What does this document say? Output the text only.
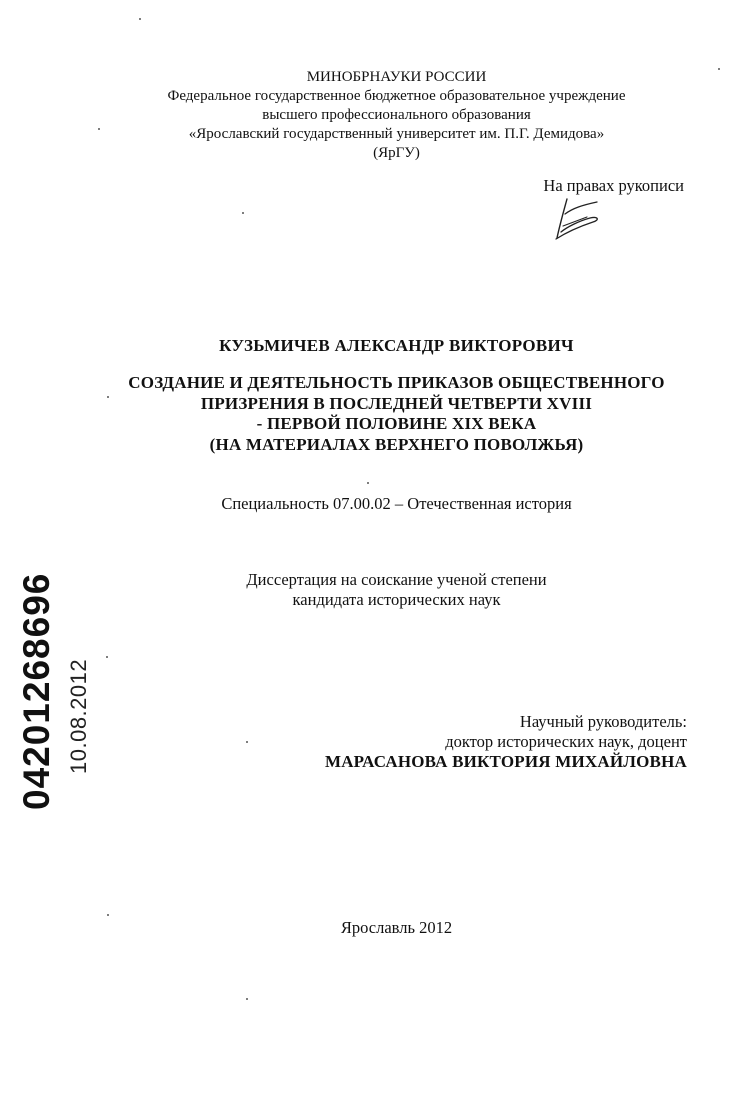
МИНОБРНАУКИ РОССИИ
Федеральное государственное бюджетное образовательное учреждение
высшего профессионального образования
«Ярославский государственный университет им. П.Г. Демидова»
(ЯрГУ)
На правах рукописи
КУЗЬМИЧЕВ АЛЕКСАНДР ВИКТОРОВИЧ
СОЗДАНИЕ И ДЕЯТЕЛЬНОСТЬ ПРИКАЗОВ ОБЩЕСТВЕННОГО
ПРИЗРЕНИЯ В ПОСЛЕДНЕЙ ЧЕТВЕРТИ XVIII
- ПЕРВОЙ ПОЛОВИНЕ XIX ВЕКА
(НА МАТЕРИАЛАХ ВЕРХНЕГО ПОВОЛЖЬЯ)
Специальность 07.00.02 – Отечественная история
Диссертация на соискание ученой степени
кандидата исторических наук
Научный руководитель:
доктор исторических наук, доцент
МАРАСАНОВА ВИКТОРИЯ МИХАЙЛОВНА
Ярославль 2012
04201268696 10.08.2012
